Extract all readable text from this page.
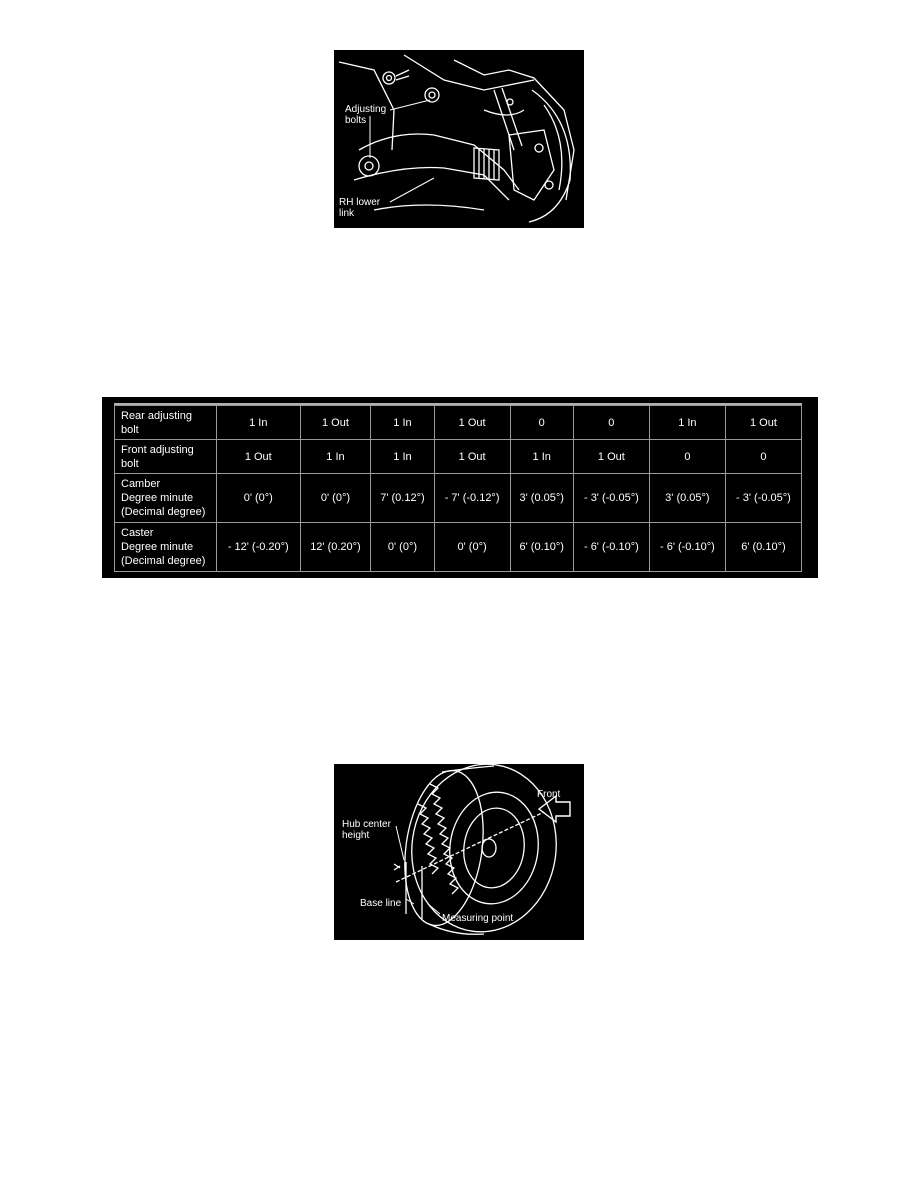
Adjusting
bolts
RH lower
link
Rear adjusting
bolt	1 In	1 Out	1 In	1 Out	0	0	1 In	1 Out

Front adjusting
bolt	1 Out	1 In	1 In	1 Out	1 In	1 Out	0	0

Camber
Degree minute
(Decimal degree)	0' (0°)	0' (0°)	7' (0.12°)	- 7' (-0.12°)	3' (0.05°)	- 3' (-0.05°)	3' (0.05°)	- 3' (-0.05°)

Caster
Degree minute
(Decimal degree)	- 12' (-0.20°)	12' (0.20°)	0' (0°)	0' (0°)	6' (0.10°)	- 6' (-0.10°)	- 6' (-0.10°)	6' (0.10°)
Front
Hub center
height
Base line
Measuring point
